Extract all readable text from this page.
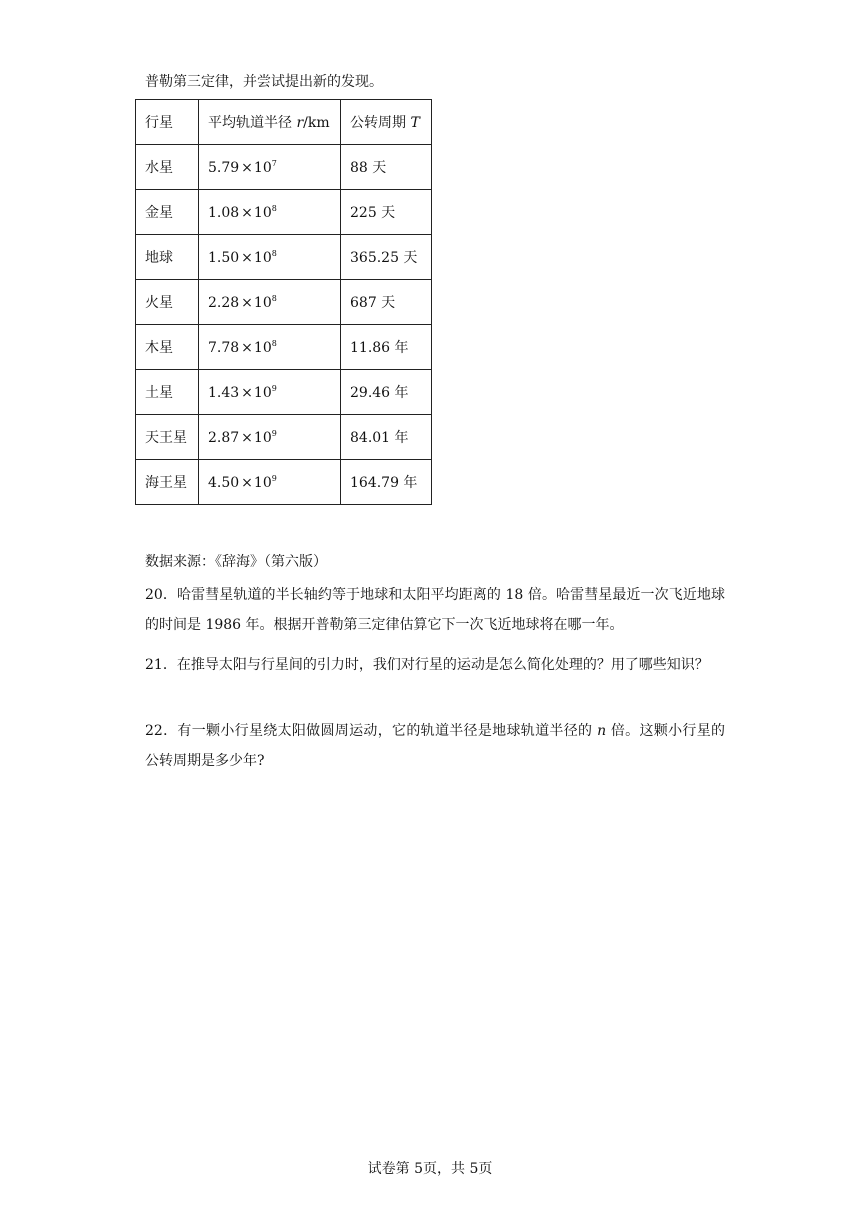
普勒第三定律，并尝试提出新的发现。
行星	平均轨道半径 r/km	公转周期 T
水星	$5.79 \times 10^7$	88 天
金星	$1.08 \times 10^8$	225 天
地球	$1.50 \times 10^8$	365.25 天
火星	$2.28 \times 10^8$	687 天
木星	$7.78 \times 10^8$	11.86 年
土星	$1.43 \times 10^9$	29.46 年
天王星	$2.87 \times 10^9$	84.01 年
海王星	$4.50 \times 10^9$	164.79 年
数据来源：《辞海》（第六版）
20．哈雷彗星轨道的半长轴约等于地球和太阳平均距离的 18 倍。哈雷彗星最近一次飞近地球的时间是 1986 年。根据开普勒第三定律估算它下一次飞近地球将在哪一年。
21．在推导太阳与行星间的引力时，我们对行星的运动是怎么简化处理的？用了哪些知识？
22．有一颗小行星绕太阳做圆周运动，它的轨道半径是地球轨道半径的 n 倍。这颗小行星的公转周期是多少年?
试卷第 5页，共 5页
